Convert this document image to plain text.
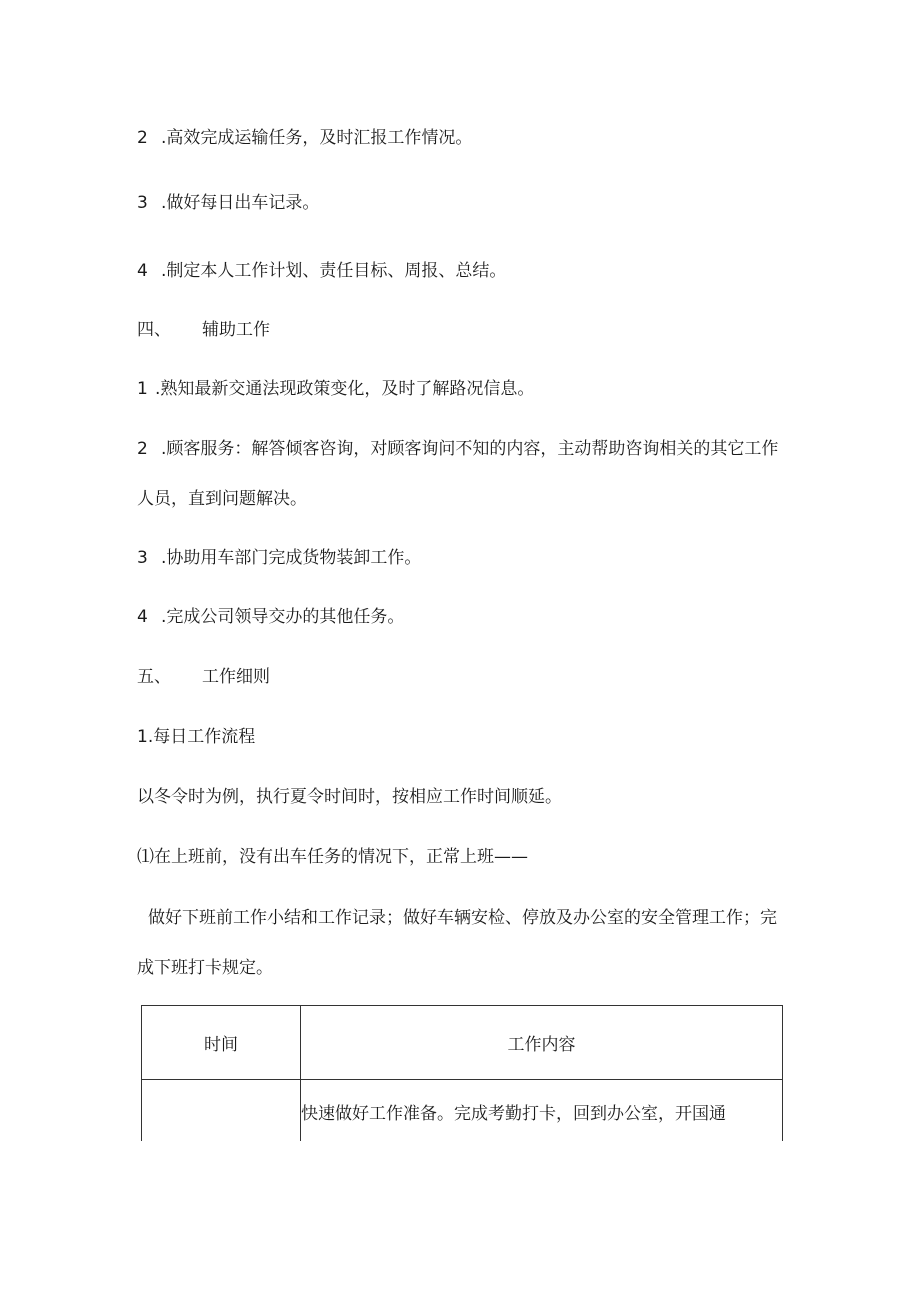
2 .高效完成运输任务，及时汇报工作情况。
3 .做好每日出车记录。
4 .制定本人工作计划、责任目标、周报、总结。
四、 辅助工作
1 .熟知最新交通法现政策变化，及时了解路况信息。
2 .顾客服务：解答倾客咨询，对顾客询问不知的内容，主动帮助咨询相关的其它工作
人员，直到问题解决。
3 .协助用车部门完成货物装卸工作。
4 .完成公司领导交办的其他任务。
五、 工作细则
1.每日工作流程
以冬令时为例，执行夏令时间时，按相应工作时间顺延。
⑴在上班前，没有出车任务的情况下，正常上班——
做好下班前工作小结和工作记录；做好车辆安检、停放及办公室的安全管理工作；完
成下班打卡规定。
时间	工作内容

	快速做好工作准备。完成考勤打卡，回到办公室，开国通
